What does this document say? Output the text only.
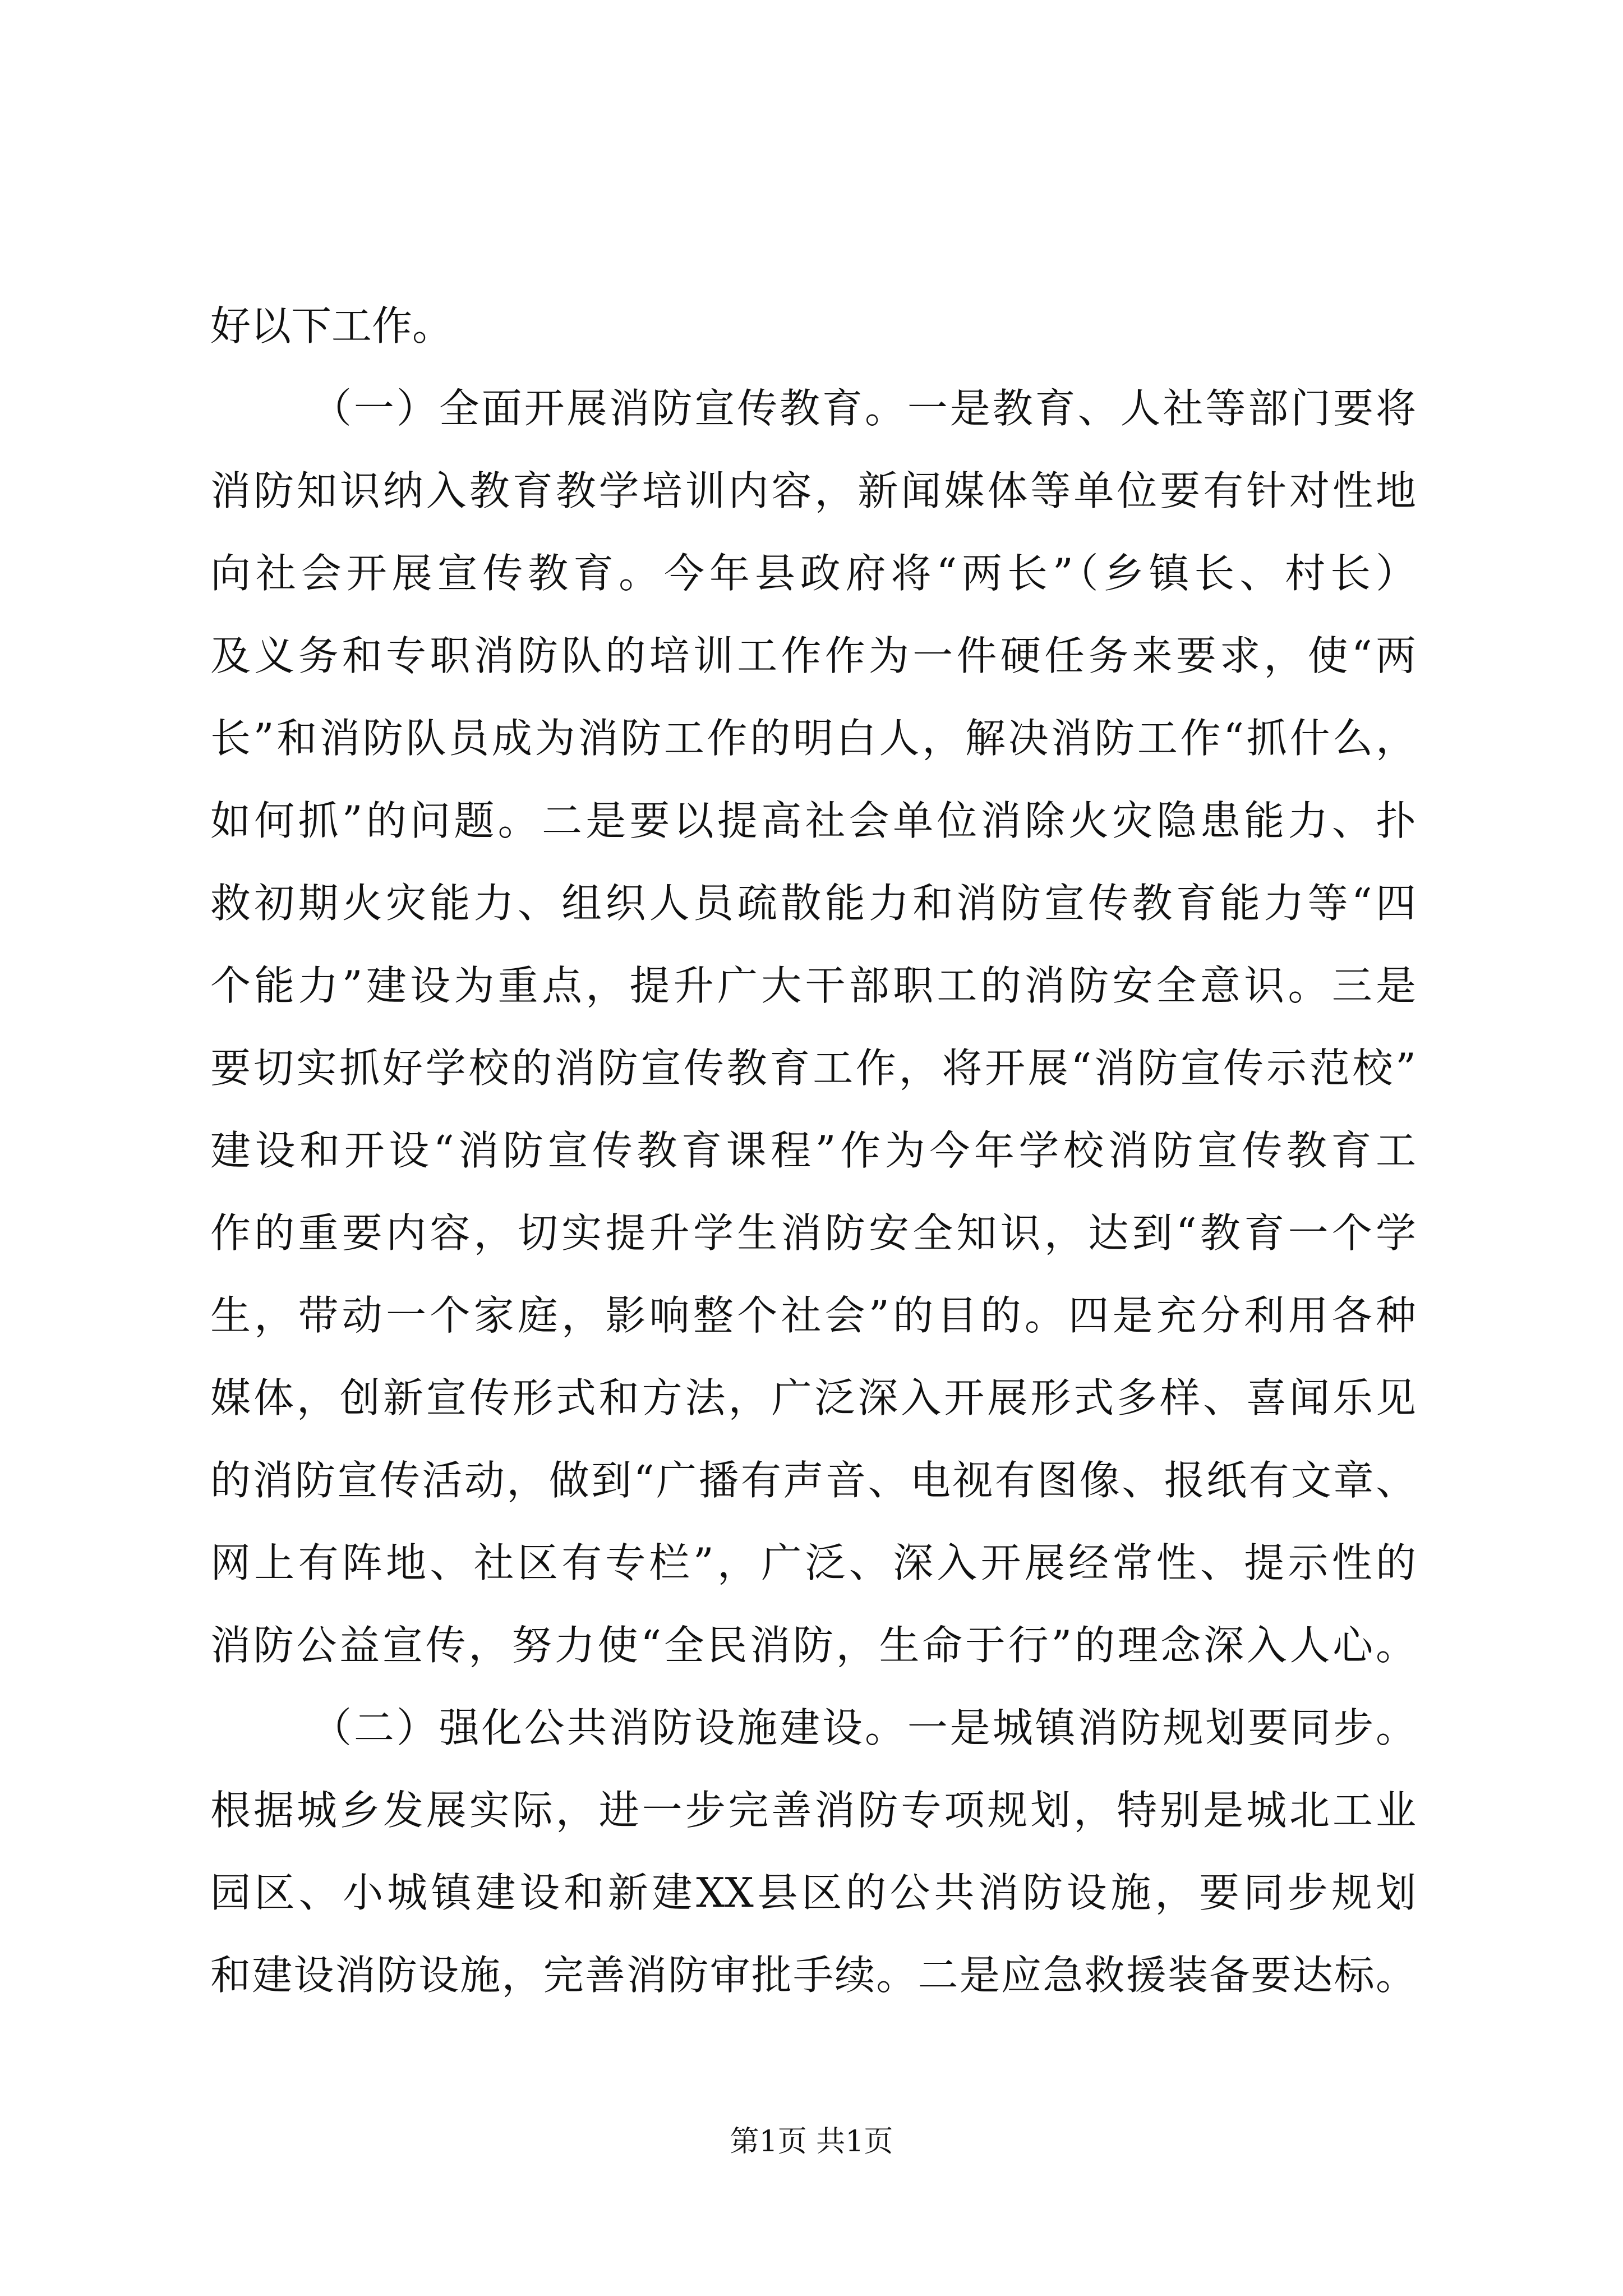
好以下工作。
（一）全面开展消防宣传教育。一是教育、人社等部门要将
消防知识纳入教育教学培训内容，新闻媒体等单位要有针对性地
向社会开展宣传教育。今年县政府将“两长”（乡镇长、村长）
及义务和专职消防队的培训工作作为一件硬任务来要求，使“两
长”和消防队员成为消防工作的明白人，解决消防工作“抓什么，
如何抓”的问题。二是要以提高社会单位消除火灾隐患能力、扑
救初期火灾能力、组织人员疏散能力和消防宣传教育能力等“四
个能力”建设为重点，提升广大干部职工的消防安全意识。三是
要切实抓好学校的消防宣传教育工作，将开展“消防宣传示范校”
建设和开设“消防宣传教育课程”作为今年学校消防宣传教育工
作的重要内容，切实提升学生消防安全知识，达到“教育一个学
生，带动一个家庭，影响整个社会”的目的。四是充分利用各种
媒体，创新宣传形式和方法，广泛深入开展形式多样、喜闻乐见
的消防宣传活动，做到“广播有声音、电视有图像、报纸有文章、
网上有阵地、社区有专栏”，广泛、深入开展经常性、提示性的
消防公益宣传，努力使“全民消防，生命于行”的理念深入人心。
（二）强化公共消防设施建设。一是城镇消防规划要同步。
根据城乡发展实际，进一步完善消防专项规划，特别是城北工业
园区、小城镇建设和新建XX县区的公共消防设施，要同步规划
和建设消防设施，完善消防审批手续。二是应急救援装备要达标。
第1页 共1页
